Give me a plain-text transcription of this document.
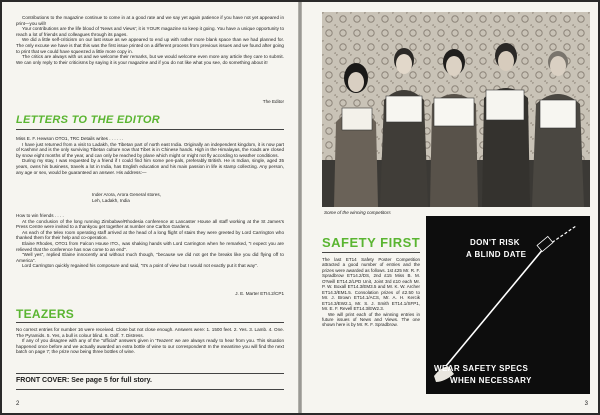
Contributions to the magazine continue to come in at a good rate and we say yet again patience if you have not yet appeared in print—you will!

Your contributions are the life blood of 'News and Views'; it is YOUR magazine so keep it going. You have a unique opportunity to reach a lot of friends and colleagues through its pages.

We did a little self-criticism on our last issue as we appeared to end up with rather more blank space than we had planned for. The only excuse we have is that this was the first issue printed on a different process from previous issues and we found after going to print that we could have squeezed a little more copy in.

The critics are always with us and we welcome their remarks, but we would welcome even more any article they care to submit. We can only reply to their criticisms by saying it is your magazine and if you do not like what you see, do something about it!

The Editor
LETTERS TO THE EDITOR

Miss E. F. Hewson OTO1, TRC Details writes . . . . . .

I have just returned from a visit to Ladakh, the Tibetan part of north east India. Originally an independent kingdom, it is now part of Kashmir and is the only surviving Tibetan culture now that Tibet is in Chinese hands. High in the Himalayas, the roads are closed by snow eight months of the year, and can only be reached by plane which might or might not fly according to weather conditions.

During my stay, I was requested by a friend if I could find him some pen-pals, preferably British. He is Indian, single, aged 35 years, owns his business, travels a lot in India, has English education and his main passion in life is stamp collecting. Any person, any age or sex, would be guaranteed an answer. His address:—

Inder Arora, Arora General stores,
Leh, Ladakh, India

How to win friends . . . .

At the conclusion of the long running Zimbabwe/Rhodesia conference at Lancaster House all staff working at the St James's Press Centre were invited to a thankyou get together at number one Carlton Gardens.

As each of the telex room operating staff arrived at the head of a long flight of stairs they were greeted by Lord Carrington who thanked them for their help and co-operation.

Elaine Rhodes, OTO1 from Falcon House ITO., was shaking hands with Lord Carrington when he remarked, "I expect you are relieved that the conference has now come to an end".

"Well yes", replied Elaine innocently and without much though, "because we did not get the breaks like you did flying off to America".

Lord Carrington quickly regained his composure and said, "It's a point of view but I would not exactly put it that way".

J. E. Marter ETI4.2/CP1
TEAZERS

No correct entries for number 16 were received. Close but not close enough. Answers were: 1. 1500 feet. 2. Yes. 3. Lamb. 4. One. The Pyramids. 5. Yes, a bull is colour blind. 6. Golf. 7. Distress.

If any of you disagree with any of the "official" answers given in 'Teazers' we are always ready to hear from you. This situation happened once before and we actually awarded an extra bottle of wine to our correspondent! In the meantime you will find the next batch on page 7; the prize now being three bottles of wine.

FRONT COVER: See page 5 for full story.
2
Some of the winning competitors
SAFETY FIRST

The last ET14 Safety Poster Competition attracted a good number of entries and the prizes were awarded as follows. 1st £25 Mr. R. F. Spradbrow ET14.2/DS, 2nd £15 Miss B. M. O'Neill ET14.2/LPD Unit, Joint 3rd £10 each Mr. P. W. Boxall ET14.3/EM3.5 and Mr. K. W. Archer ET14.3/EM1.5. Consolation prizes of £2.50 to Mr. J. Brown ET14.1/ACS, Mr. A. H. Kercik ET14.3/EW2.1, Mr. S. J. Smith ET14.1/SFP1, Mr. E. F. Revell ET14.3/EW2.3.

We will print each of the winning entries in future issues of News and Views. The one shown here is by Mr. R. F. Spradbrow.

DON'T RISK
A BLIND DATE
WEAR SAFETY SPECS
WHEN NECESSARY
3
